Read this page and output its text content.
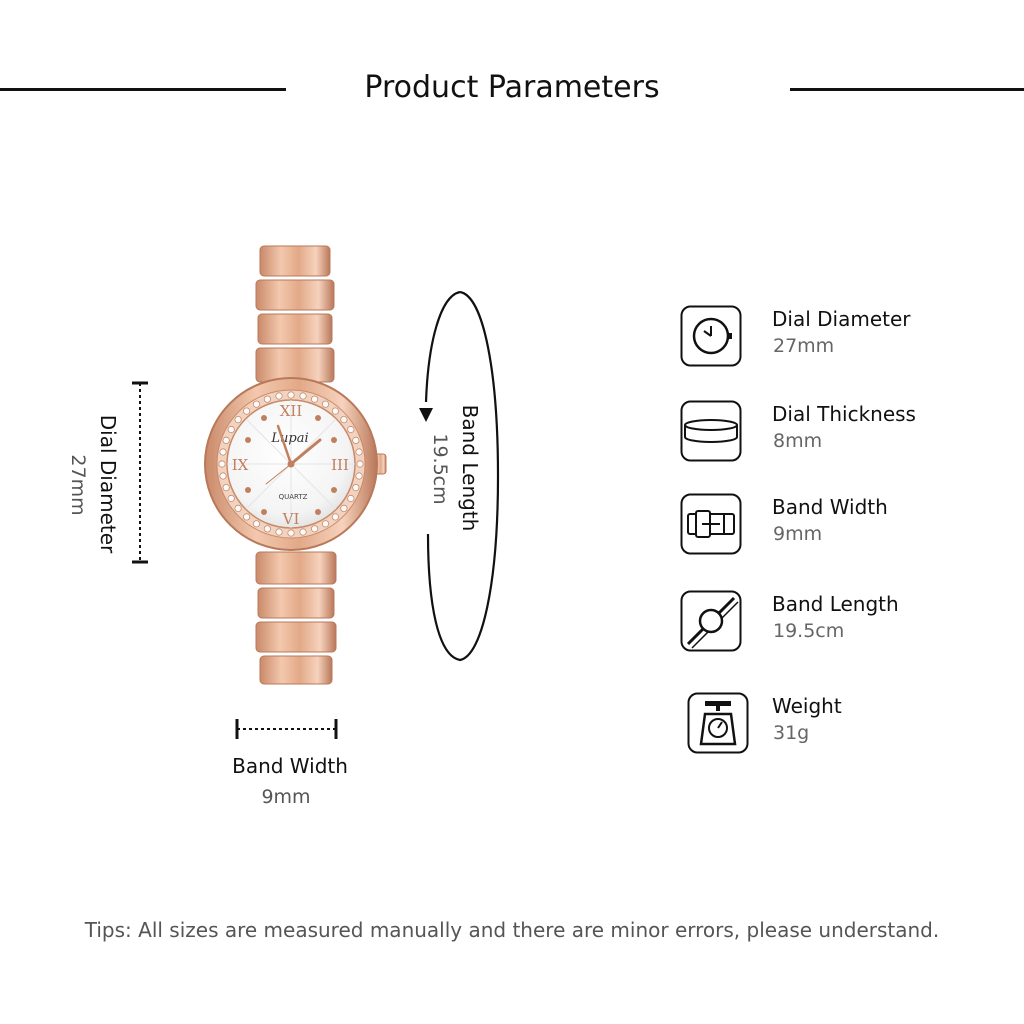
Product Parameters
Dial Diameter
27mm
XII
IX	III
VI
Lupai
QUARTZ	Band Length
19.5cm
Band Width
9mm
Dial Diameter
27mm
Dial Thickness
8mm
Band Width
9mm
Band Length
19.5cm
Weight
31g
Tips: All sizes are measured manually and there are minor errors, please understand.
